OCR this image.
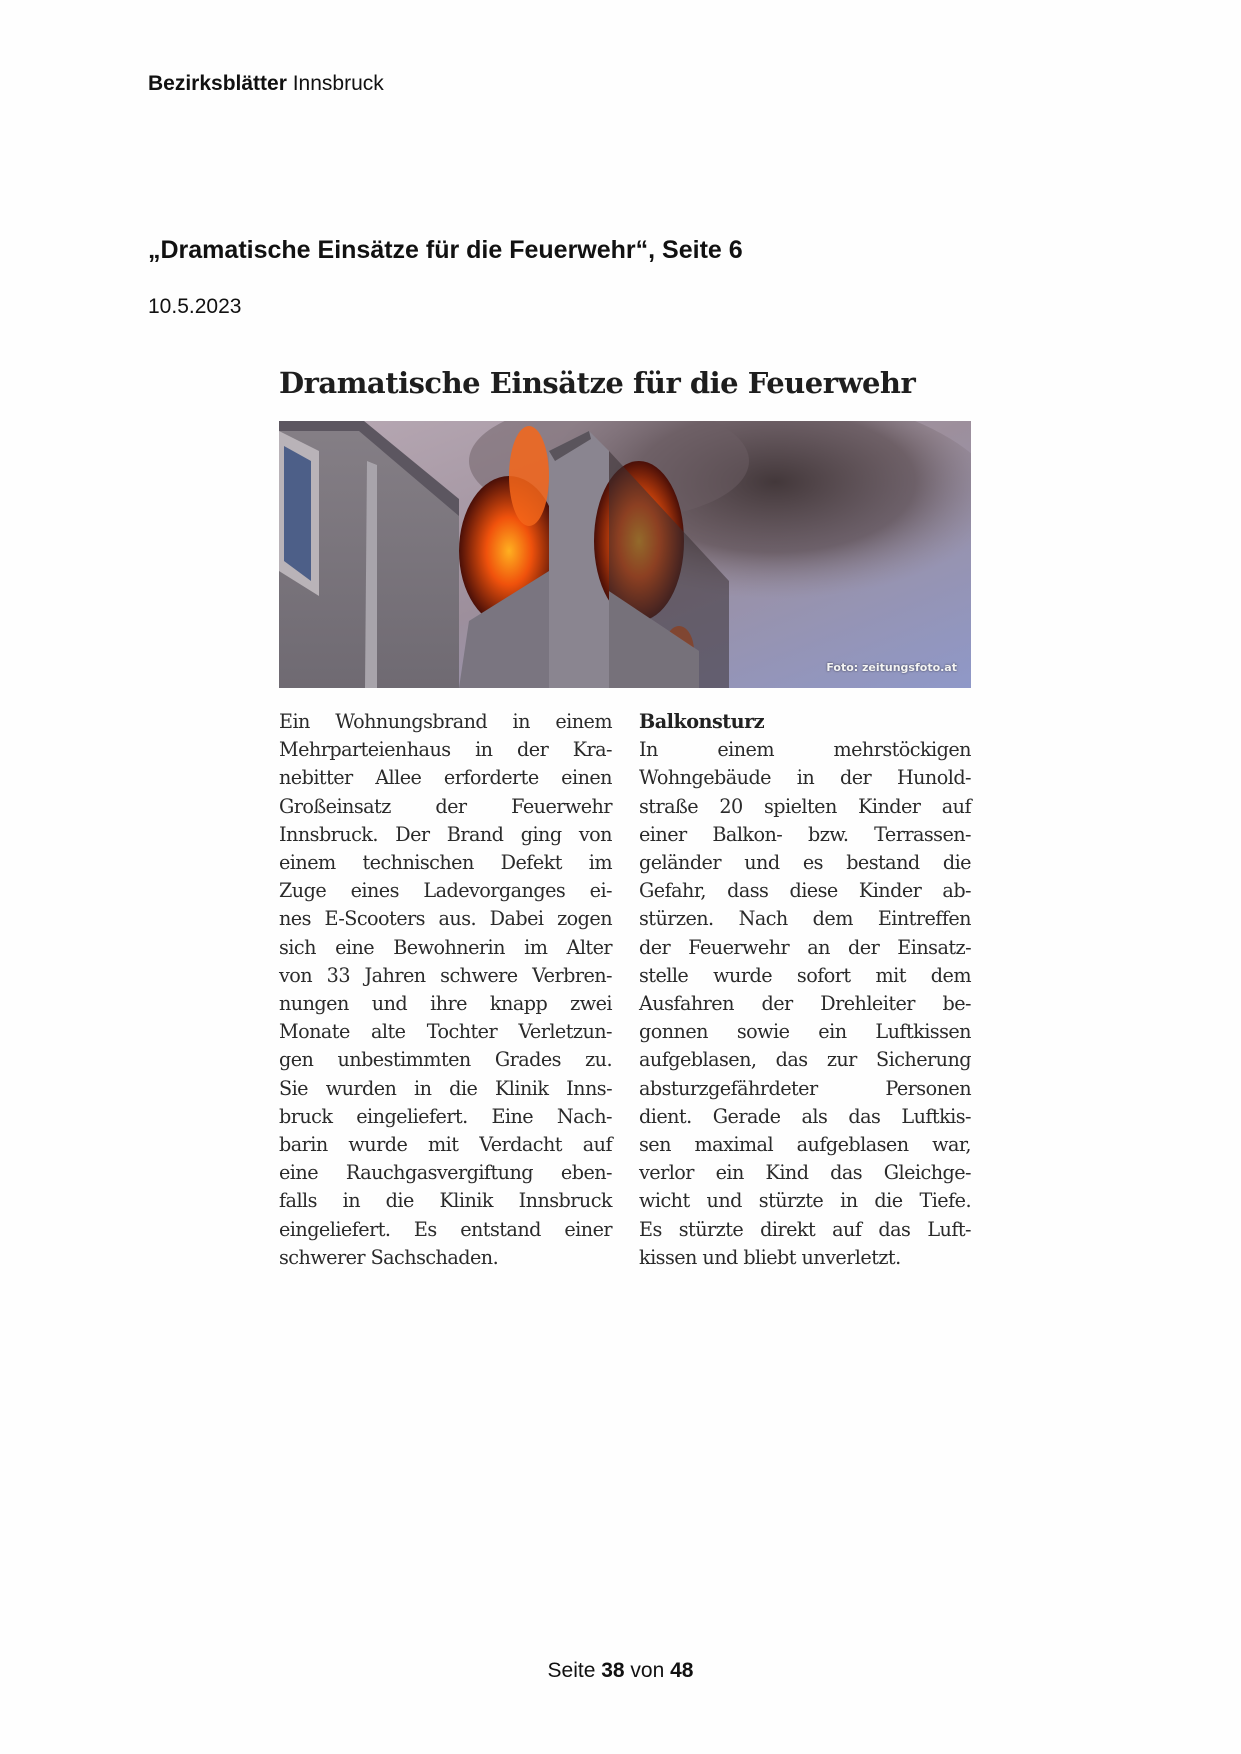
Bezirksblätter Innsbruck
„Dramatische Einsätze für die Feuerwehr“, Seite 6
10.5.2023
Dramatische Einsätze für die Feuerwehr
Foto: zeitungsfoto.at
Ein Wohnungsbrand in einem
Mehrparteienhaus in der Kra-
nebitter Allee erforderte einen
Großeinsatz der Feuerwehr
Innsbruck. Der Brand ging von
einem technischen Defekt im
Zuge eines Ladevorganges ei-
nes E-Scooters aus. Dabei zogen
sich eine Bewohnerin im Alter
von 33 Jahren schwere Verbren-
nungen und ihre knapp zwei
Monate alte Tochter Verletzun-
gen unbestimmten Grades zu.
Sie wurden in die Klinik Inns-
bruck eingeliefert. Eine Nach-
barin wurde mit Verdacht auf
eine Rauchgasvergiftung eben-
falls in die Klinik Innsbruck
eingeliefert. Es entstand einer
schwerer Sachschaden.
Balkonsturz
In einem mehrstöckigen
Wohngebäude in der Hunold-
straße 20 spielten Kinder auf
einer Balkon- bzw. Terrassen-
geländer und es bestand die
Gefahr, dass diese Kinder ab-
stürzen. Nach dem Eintreffen
der Feuerwehr an der Einsatz-
stelle wurde sofort mit dem
Ausfahren der Drehleiter be-
gonnen sowie ein Luftkissen
aufgeblasen, das zur Sicherung
absturzgefährdeter Personen
dient. Gerade als das Luftkis-
sen maximal aufgeblasen war,
verlor ein Kind das Gleichge-
wicht und stürzte in die Tiefe.
Es stürzte direkt auf das Luft-
kissen und bliebt unverletzt.
Seite 38 von 48
